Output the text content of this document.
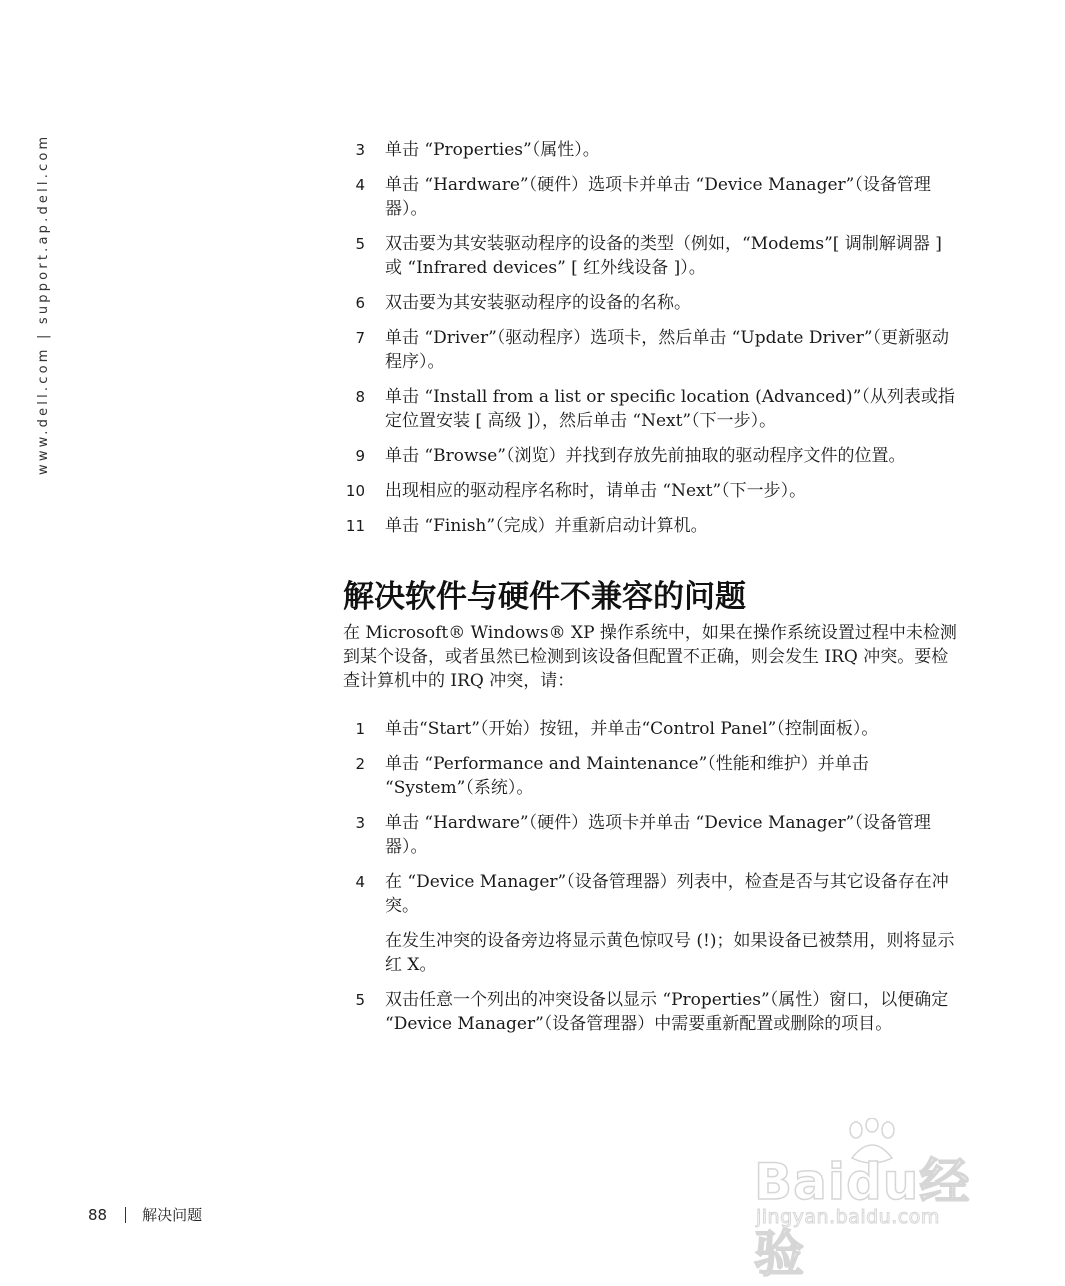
www.dell.com | support.ap.dell.com	3 单击 “Properties”（属性）。
4 单击 “Hardware”（硬件）选项卡并单击 “Device Manager”（设备管理器）。
5 双击要为其安装驱动程序的设备的类型（例如，“Modems”[ 调制解调器 ] 或 “Infrared devices” [ 红外线设备 ]）。
6 双击要为其安装驱动程序的设备的名称。
7 单击 “Driver”（驱动程序）选项卡，然后单击 “Update Driver”（更新驱动程序）。
8 单击 “Install from a list or specific location (Advanced)”（从列表或指定位置安装 [ 高级 ]），然后单击 “Next”（下一步）。
9 单击 “Browse”（浏览）并找到存放先前抽取的驱动程序文件的位置。
10 出现相应的驱动程序名称时，请单击 “Next”（下一步）。
11 单击 “Finish”（完成）并重新启动计算机。
解决软件与硬件不兼容的问题

在 Microsoft® Windows® XP 操作系统中，如果在操作系统设置过程中未检测到某个设备，或者虽然已检测到该设备但配置不正确，则会发生 IRQ 冲突。要检查计算机中的 IRQ 冲突，请：

1 单击“Start”（开始）按钮，并单击“Control Panel”（控制面板）。
2 单击 “Performance and Maintenance”（性能和维护）并单击 “System”（系统）。
3 单击 “Hardware”（硬件）选项卡并单击 “Device Manager”（设备管理器）。
4 在 “Device Manager”（设备管理器）列表中，检查是否与其它设备存在冲突。
在发生冲突的设备旁边将显示黄色惊叹号 (!)；如果设备已被禁用，则将显示红 X。
5 双击任意一个列出的冲突设备以显示 “Properties”（属性）窗口，以便确定 “Device Manager”（设备管理器）中需要重新配置或删除的项目。
88 解决问题
Baidu经验
jingyan.baidu.com
